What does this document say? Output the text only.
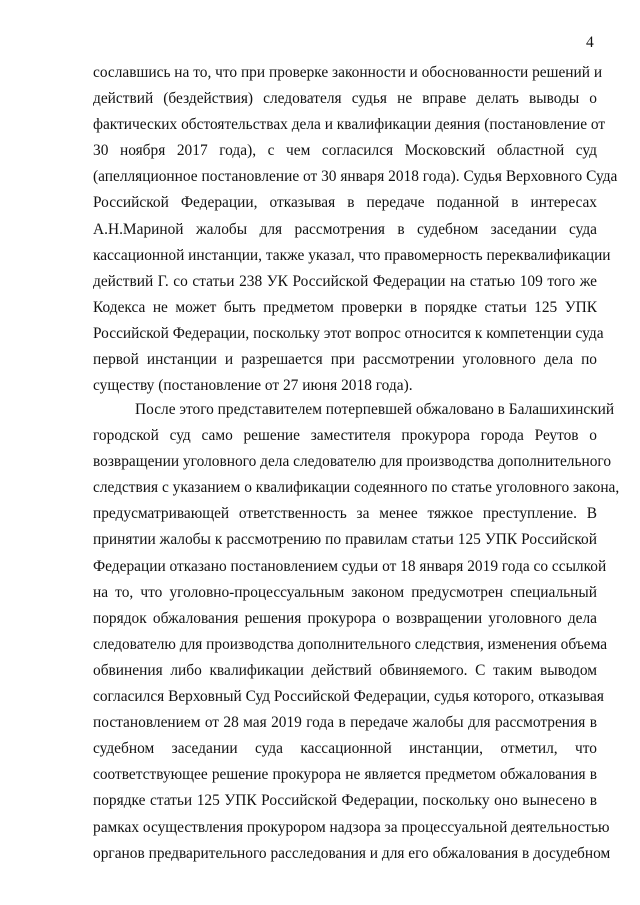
4
сославшись на то, что при проверке законности и обоснованности решений и
действий (бездействия) следователя судья не вправе делать выводы о
фактических обстоятельствах дела и квалификации деяния (постановление от
30 ноября 2017 года), с чем согласился Московский областной суд
(апелляционное постановление от 30 января 2018 года). Судья Верховного Суда
Российской Федерации, отказывая в передаче поданной в интересах
А.Н.Мариной жалобы для рассмотрения в судебном заседании суда
кассационной инстанции, также указал, что правомерность переквалификации
действий Г. со статьи 238 УК Российской Федерации на статью 109 того же
Кодекса не может быть предметом проверки в порядке статьи 125 УПК
Российской Федерации, поскольку этот вопрос относится к компетенции суда
первой инстанции и разрешается при рассмотрении уголовного дела по
существу (постановление от 27 июня 2018 года).
После этого представителем потерпевшей обжаловано в Балашихинский
городской суд само решение заместителя прокурора города Реутов о
возвращении уголовного дела следователю для производства дополнительного
следствия с указанием о квалификации содеянного по статье уголовного закона,
предусматривающей ответственность за менее тяжкое преступление. В
принятии жалобы к рассмотрению по правилам статьи 125 УПК Российской
Федерации отказано постановлением судьи от 18 января 2019 года со ссылкой
на то, что уголовно-процессуальным законом предусмотрен специальный
порядок обжалования решения прокурора о возвращении уголовного дела
следователю для производства дополнительного следствия, изменения объема
обвинения либо квалификации действий обвиняемого. С таким выводом
согласился Верховный Суд Российской Федерации, судья которого, отказывая
постановлением от 28 мая 2019 года в передаче жалобы для рассмотрения в
судебном заседании суда кассационной инстанции, отметил, что
соответствующее решение прокурора не является предметом обжалования в
порядке статьи 125 УПК Российской Федерации, поскольку оно вынесено в
рамках осуществления прокурором надзора за процессуальной деятельностью
органов предварительного расследования и для его обжалования в досудебном
